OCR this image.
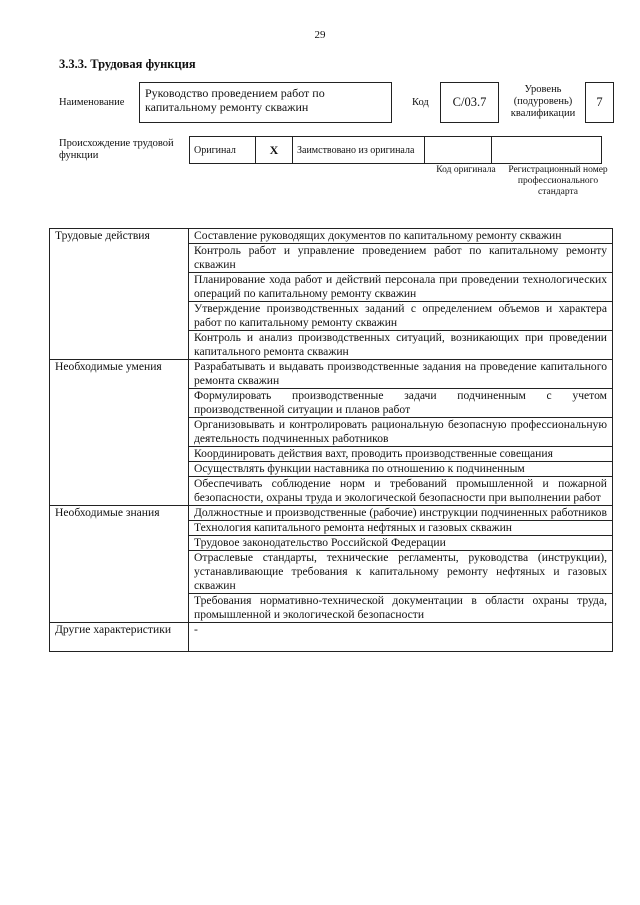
29
3.3.3. Трудовая функция
Наименование
Руководство проведением работ по капитальному ремонту скважин	Код	С/03.7
Уровень (подуровень) квалификации
7
Происхождение трудовой функции	Оригинал	X	Заимствовано из оригинала		
Код оригинала Регистрационный номер профессионального стандарта
Трудовые действия	Составление руководящих документов по капитальному ремонту скважин
	Контроль работ и управление проведением работ по капитальному ремонту скважин
	Планирование хода работ и действий персонала при проведении технологических операций по капитальному ремонту скважин
	Утверждение производственных заданий с определением объемов и характера работ по капитальному ремонту скважин
	Контроль и анализ производственных ситуаций, возникающих при проведении капитального ремонта скважин
Необходимые умения	Разрабатывать и выдавать производственные задания на проведение капитального ремонта скважин
	Формулировать производственные задачи подчиненным с учетом производственной ситуации и планов работ
	Организовывать и контролировать рациональную безопасную профессиональную деятельность подчиненных работников
	Координировать действия вахт, проводить производственные совещания
	Осуществлять функции наставника по отношению к подчиненным
	Обеспечивать соблюдение норм и требований промышленной и пожарной безопасности, охраны труда и экологической безопасности при выполнении работ
Необходимые знания	Должностные и производственные (рабочие) инструкции подчиненных работников
	Технология капитального ремонта нефтяных и газовых скважин
	Трудовое законодательство Российской Федерации
	Отраслевые стандарты, технические регламенты, руководства (инструкции), устанавливающие требования к капитальному ремонту нефтяных и газовых скважин
	Требования нормативно-технической документации в области охраны труда, промышленной и экологической безопасности
Другие характеристики	-
